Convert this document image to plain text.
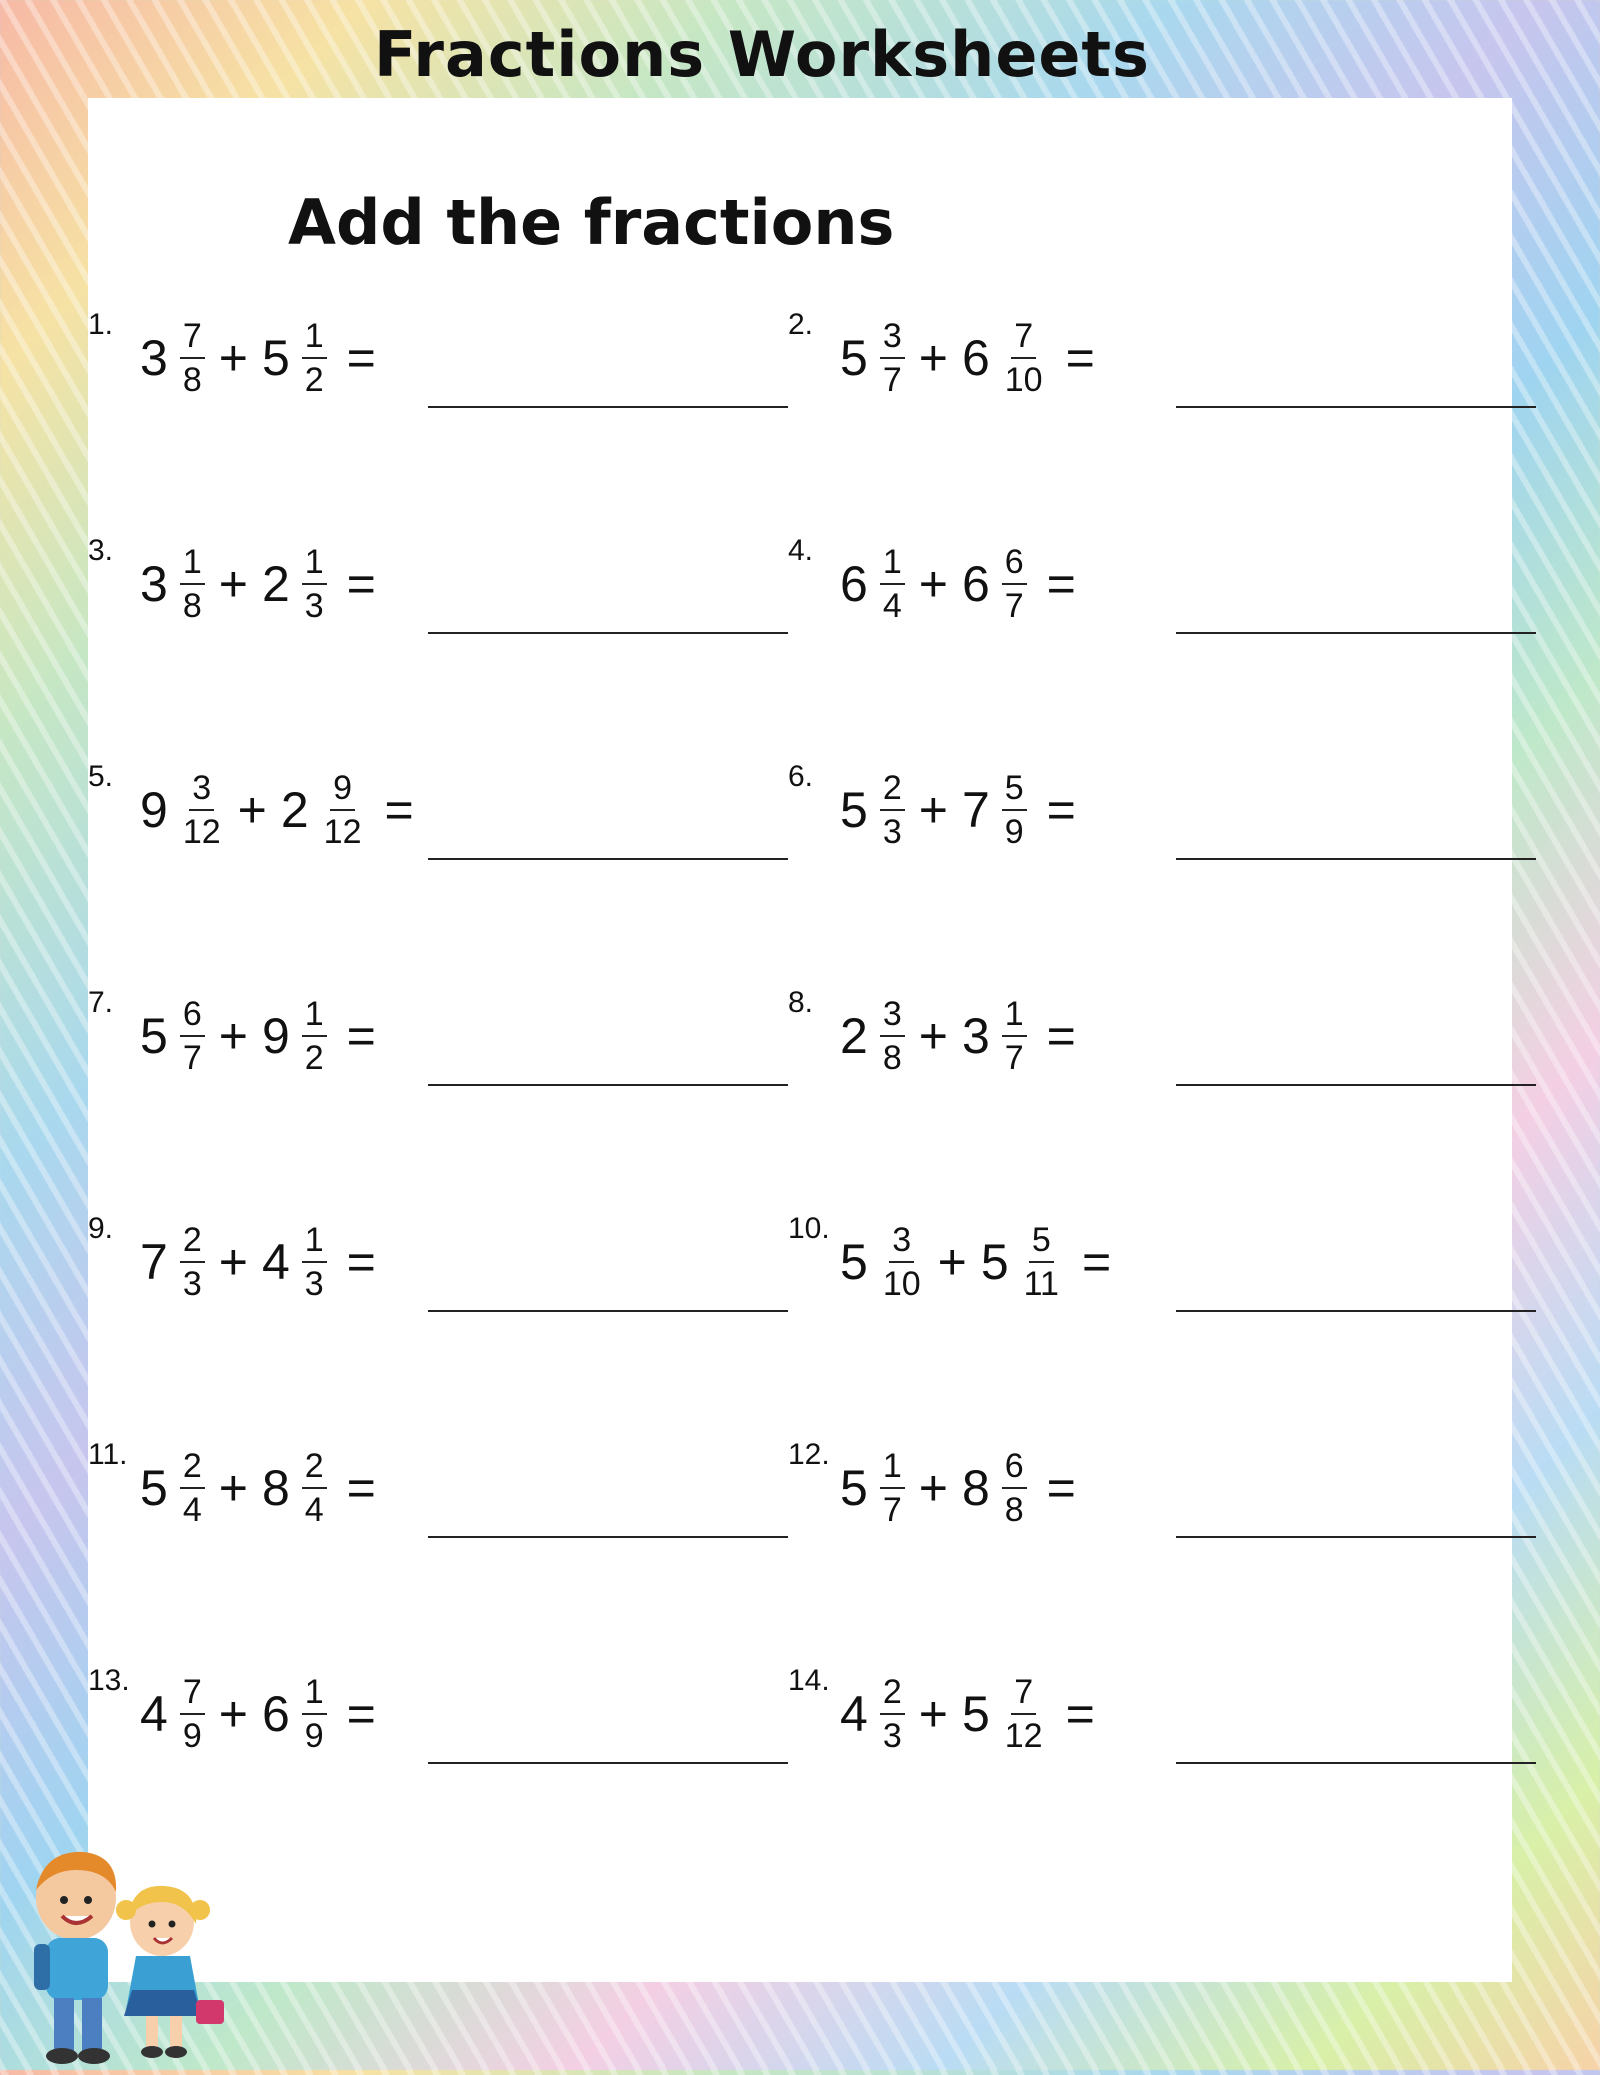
Fractions Worksheets
Add the fractions
1.
$3 \frac{7}{8} + 5 \frac{1}{2}$ =
2.
$5 \frac{3}{7} + 6 \frac{7}{10}$ =
3.
$3 \frac{1}{8} + 2 \frac{1}{3}$ =
4.
$6 \frac{1}{4} + 6 \frac{6}{7}$ =
5.
$9 \frac{3}{12} + 2 \frac{9}{12}$ =
6.
$5 \frac{2}{3} + 7 \frac{5}{9}$ =
7.
$5 \frac{6}{7} + 9 \frac{1}{2}$ =
8.
$2 \frac{3}{8} + 3 \frac{1}{7}$ =
9.
$7 \frac{2}{3} + 4 \frac{1}{3}$ =
10.
$5 \frac{3}{10} + 5 \frac{5}{11}$ =
11.
$5 \frac{2}{4} + 8 \frac{2}{4}$ =
12.
$5 \frac{1}{7} + 8 \frac{6}{8}$ =
13.
$4 \frac{7}{9} + 6 \frac{1}{9}$ =
14.
$4 \frac{2}{3} + 5 \frac{7}{12}$ =
